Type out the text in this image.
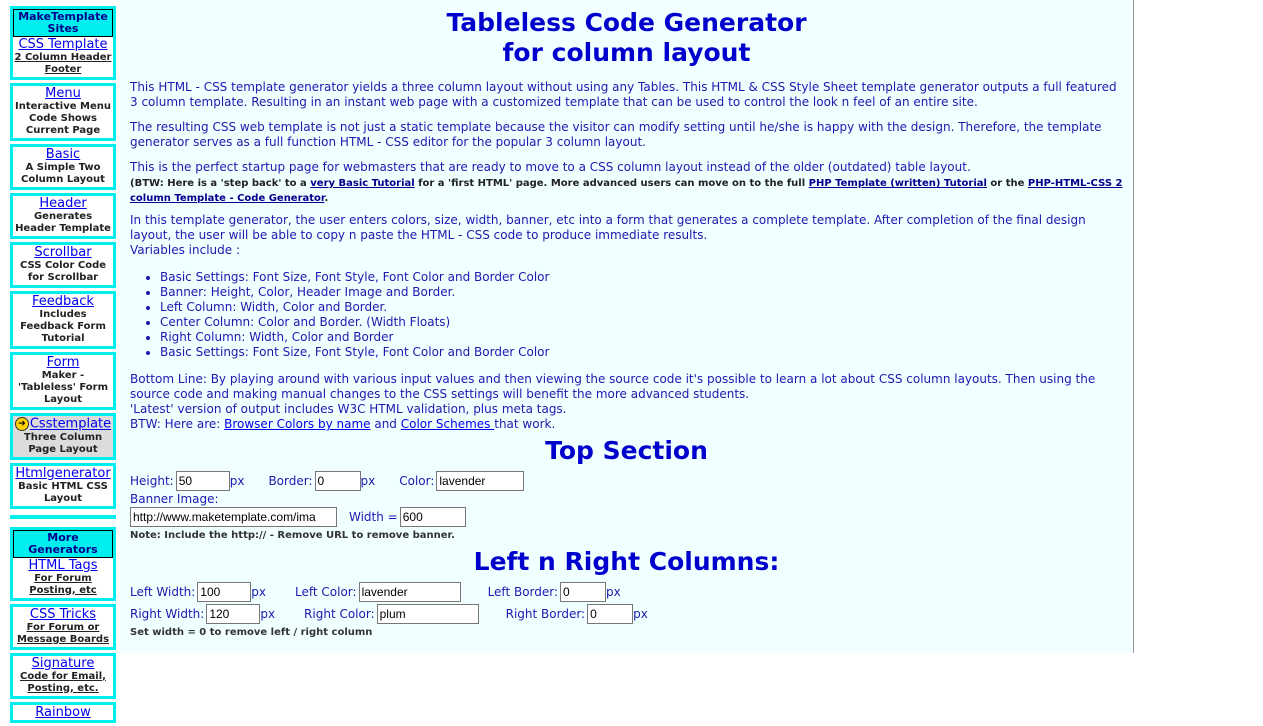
MakeTemplate Sites
CSS Template
2 Column Header Footer
Menu
Interactive Menu Code Shows Current Page
Basic
A Simple Two Column Layout
Header
Generates Header Template
Scrollbar
CSS Color Code for Scrollbar
Feedback
Includes Feedback Form Tutorial
Form
Maker - 'Tableless' Form Layout
➔ Csstemplate
Three Column Page Layout
Htmlgenerator
Basic HTML CSS Layout
More Generators
HTML Tags
For Forum Posting, etc
CSS Tricks
For Forum or Message Boards
Signature
Code for Email, Posting, etc.
Rainbow
Tableless Code Generator
for column layout

This HTML - CSS template generator yields a three column layout without using any Tables. This HTML & CSS Style Sheet template generator outputs a full featured 3 column template. Resulting in an instant web page with a customized template that can be used to control the look n feel of an entire site.

The resulting CSS web template is not just a static template because the visitor can modify setting until he/she is happy with the design. Therefore, the template generator serves as a full function HTML - CSS editor for the popular 3 column layout.

This is the perfect startup page for webmasters that are ready to move to a CSS column layout instead of the older (outdated) table layout.
(BTW: Here is a 'step back' to a very Basic Tutorial for a 'first HTML' page. More advanced users can move on to the full PHP Template (written) Tutorial or the PHP-HTML-CSS 2 column Template - Code Generator.

In this template generator, the user enters colors, size, width, banner, etc into a form that generates a complete template. After completion of the final design layout, the user will be able to copy n paste the HTML - CSS code to produce immediate results.
Variables include :

• Basic Settings: Font Size, Font Style, Font Color and Border Color
• Banner: Height, Color, Header Image and Border.
• Left Column: Width, Color and Border.
• Center Column: Color and Border. (Width Floats)
• Right Column: Width, Color and Border
• Basic Settings: Font Size, Font Style, Font Color and Border Color

Bottom Line: By playing around with various input values and then viewing the source code it's possible to learn a lot about CSS column layouts. Then using the source code and making manual changes to the CSS settings will benefit the more advanced students.
'Latest' version of output includes W3C HTML validation, plus meta tags.
BTW: Here are: Browser Colors by name and Color Schemes that work.

Top Section
Height:
50	px Border:
0	px Color:
lavender
Banner Image:
http://www.maketemplate.com/ima
Width =
600
Note: Include the http:// - Remove URL to remove banner.
Left n Right Columns:
Left Width:
100	px Left Color:
lavender	Left Border:
0	px
Right Width:
120	px Right Color:
plum	Right Border:
0	px
Set width = 0 to remove left / right column
